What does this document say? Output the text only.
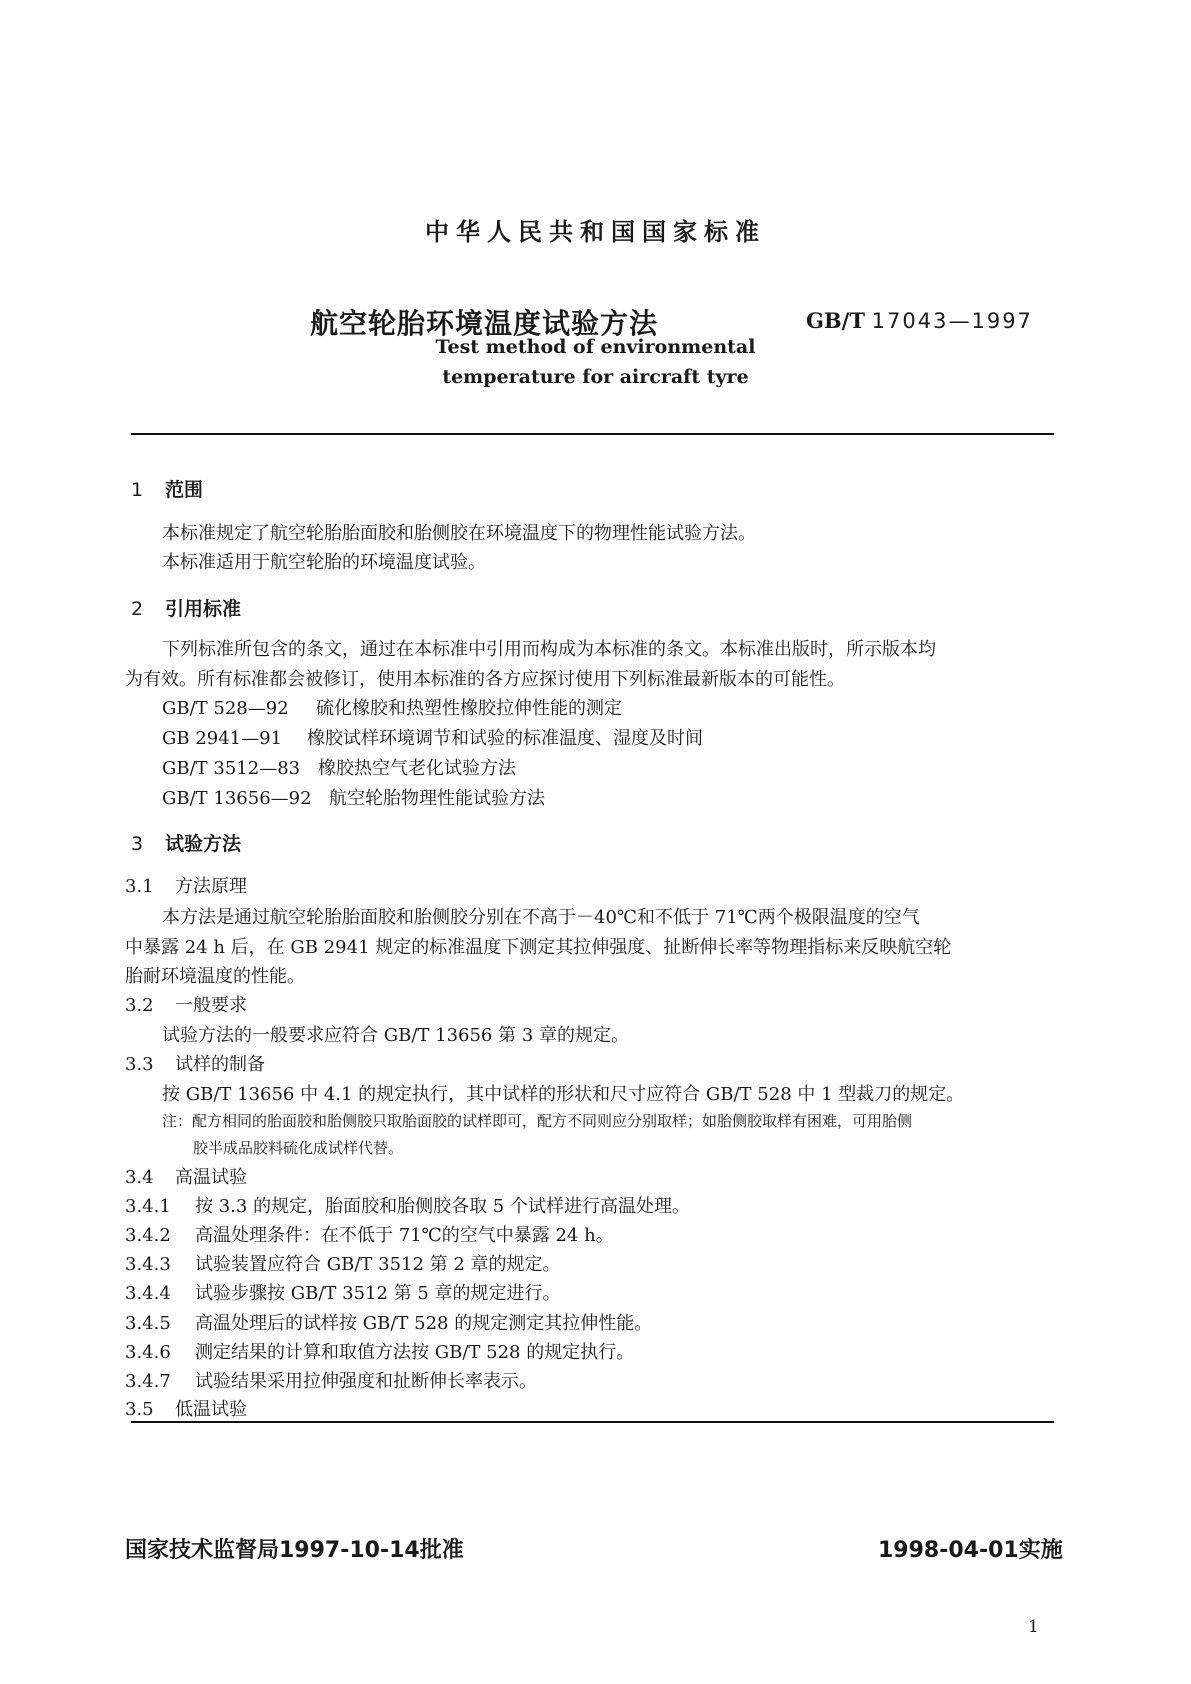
中华人民共和国国家标准
航空轮胎环境温度试验方法	GB/T 17043—1997
Test method of environmental
temperature for aircraft tyre
1 范围
本标准规定了航空轮胎胎面胶和胎侧胶在环境温度下的物理性能试验方法。
本标准适用于航空轮胎的环境温度试验。
2 引用标准
下列标准所包含的条文，通过在本标准中引用而构成为本标准的条文。本标准出版时，所示版本均
为有效。所有标准都会被修订，使用本标准的各方应探讨使用下列标准最新版本的可能性。
GB/T 528—92 硫化橡胶和热塑性橡胶拉伸性能的测定
GB 2941—91 橡胶试样环境调节和试验的标准温度、湿度及时间
GB/T 3512—83 橡胶热空气老化试验方法
GB/T 13656—92 航空轮胎物理性能试验方法
3 试验方法
3.1 方法原理
本方法是通过航空轮胎胎面胶和胎侧胶分别在不高于－40℃和不低于 71℃两个极限温度的空气
中暴露 24 h 后，在 GB 2941 规定的标准温度下测定其拉伸强度、扯断伸长率等物理指标来反映航空轮
胎耐环境温度的性能。
3.2 一般要求
试验方法的一般要求应符合 GB/T 13656 第 3 章的规定。
3.3 试样的制备
按 GB/T 13656 中 4.1 的规定执行，其中试样的形状和尺寸应符合 GB/T 528 中 1 型裁刀的规定。
注：配方相同的胎面胶和胎侧胶只取胎面胶的试样即可，配方不同则应分别取样；如胎侧胶取样有困难，可用胎侧
胶半成品胶料硫化成试样代替。
3.4 高温试验
3.4.1 按 3.3 的规定，胎面胶和胎侧胶各取 5 个试样进行高温处理。
3.4.2 高温处理条件：在不低于 71℃的空气中暴露 24 h。
3.4.3 试验装置应符合 GB/T 3512 第 2 章的规定。
3.4.4 试验步骤按 GB/T 3512 第 5 章的规定进行。
3.4.5 高温处理后的试样按 GB/T 528 的规定测定其拉伸性能。
3.4.6 测定结果的计算和取值方法按 GB/T 528 的规定执行。
3.4.7 试验结果采用拉伸强度和扯断伸长率表示。
3.5 低温试验
国家技术监督局1997-10-14批准	1998-04-01实施
1
